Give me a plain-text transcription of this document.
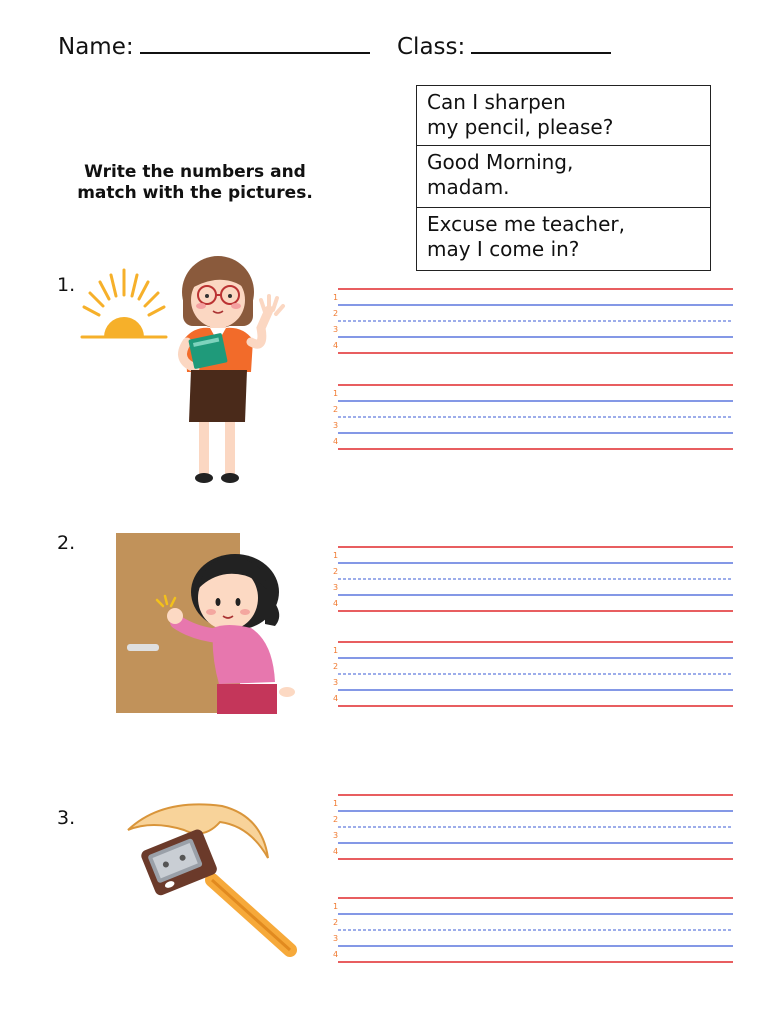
Name:	Class:
Can I sharpen
my pencil, please?
Good Morning,
madam.
Excuse me teacher,
may I come in?
Write the numbers and
match with the pictures.
1.
2.
3.
1
2
3
4
1
2
3
4
1
2
3
4
1
2
3
4
1
2
3
4
1
2
3
4
